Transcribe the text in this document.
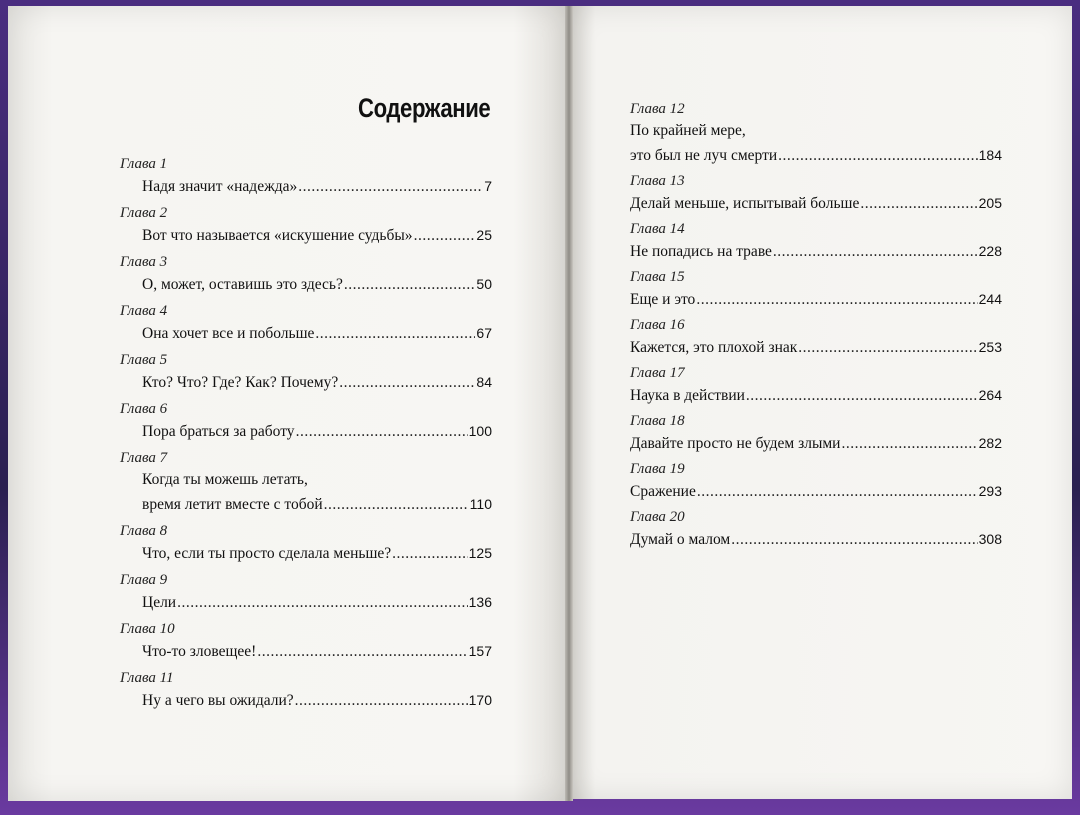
Содержание
Глава 1
Надя значит «надежда» .....	7
Глава 2
Вот что называется «искушение судьбы» .....	25
Глава 3
О, может, оставишь это здесь? .....	50
Глава 4
Она хочет все и побольше .....	67
Глава 5
Кто? Что? Где? Как? Почему? .....	84
Глава 6
Пора браться за работу .....	100
Глава 7
Когда ты можешь летать,
время летит вместе с тобой .....	110
Глава 8
Что, если ты просто сделала меньше? .....	125
Глава 9
Цели .....	136
Глава 10
Что-то зловещее! .....	157
Глава 11
Ну а чего вы ожидали? .....	170
Глава 12
По крайней мере,
это был не луч смерти .....	184
Глава 13
Делай меньше, испытывай больше .....	205
Глава 14
Не попадись на траве .....	228
Глава 15
Еще и это .....	244
Глава 16
Кажется, это плохой знак .....	253
Глава 17
Наука в действии .....	264
Глава 18
Давайте просто не будем злыми .....	282
Глава 19
Сражение .....	293
Глава 20
Думай о малом .....	308
